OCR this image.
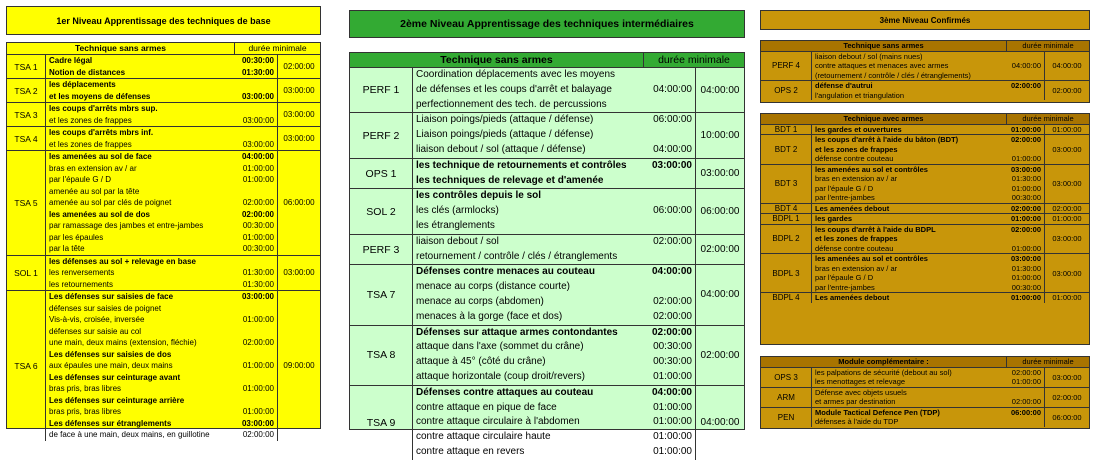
1er Niveau Apprentissage des techniques de base
Technique sans armes	durée minimale
TSA 1
Cadre légal	00:30:00
Notion de distances	01:30:00
02:00:00
TSA 2
les déplacements
et les moyens de défenses	03:00:00
03:00:00
TSA 3
les coups d'arrêts mbrs sup.
et les zones de frappes	03:00:00
03:00:00
TSA 4
les coups d'arrêts mbrs inf.
et les zones de frappes	03:00:00
03:00:00
TSA 5
les amenées au sol de face	04:00:00
bras en extension av / ar	01:00:00
par l'épaule G / D	01:00:00
amenée au sol par la tête
amenée au sol par clés de poignet	02:00:00
les amenées au sol de dos	02:00:00
par ramassage des jambes et entre-jambes	00:30:00
par les épaules	01:00:00
par la tête	00:30:00
06:00:00
SOL 1
les défenses au sol + relevage en base
les renversements	01:30:00
les retournements	01:30:00
03:00:00
TSA 6
Les défenses sur saisies de face	03:00:00
défenses sur saisies de poignet
Vis-à-vis, croisée, inversée	01:00:00
défenses sur saisie au col
une main, deux mains (extension, fléchie)	02:00:00
Les défenses sur saisies de dos
aux épaules une main, deux mains	01:00:00
Les défenses sur ceinturage avant
bras pris, bras libres	01:00:00
Les défenses sur ceinturage arrière
bras pris, bras libres	01:00:00
Les défenses sur étranglements	03:00:00
de face à une main, deux mains, en guillotine	02:00:00
09:00:00
2ème Niveau Apprentissage des techniques intermédiaires
Technique sans armes	durée minimale
PERF 1
Coordination déplacements avec les moyens
de défenses et les coups d'arrêt et balayage	04:00:00
perfectionnement des tech. de percussions
04:00:00
PERF 2
Liaison poings/pieds (attaque / défense)	06:00:00
Liaison poings/pieds (attaque / défense)
liaison debout / sol (attaque / défense)	04:00:00
10:00:00
OPS 1
les technique de retournements et contrôles	03:00:00
les techniques de relevage et d'amenée
03:00:00
SOL 2
les contrôles depuis le sol
les clés (armlocks)	06:00:00
les étranglements
06:00:00
PERF 3
liaison debout / sol	02:00:00
retournement / contrôle / clés / étranglements
02:00:00
TSA 7
Défenses contre menaces au couteau	04:00:00
menace au corps (distance courte)
menace au corps (abdomen)	02:00:00
menaces à la gorge (face et dos)	02:00:00
04:00:00
TSA 8
Défenses sur attaque armes contondantes	02:00:00
attaque dans l'axe (sommet du crâne)	00:30:00
attaque à 45° (côté du crâne)	00:30:00
attaque horizontale (coup droit/revers)	01:00:00
02:00:00
TSA 9
Défenses contre attaques au couteau	04:00:00
contre attaque en pique de face	01:00:00
contre attaque circulaire à l'abdomen	01:00:00
contre attaque circulaire haute	01:00:00
contre attaque en revers	01:00:00
04:00:00
3ème Niveau Confirmés
Technique sans armes	durée minimale
PERF 4
liaison debout / sol (mains nues)
contre attaques et menaces avec armes	04:00:00
(retournement / contrôle / clés / étranglements)
04:00:00
OPS 2
défense d'autrui	02:00:00
l'angulation et triangulation	02:00:00
Technique avec armes	durée minimale
BDT 1	les gardes et ouvertures	01:00:00	01:00:00
BDT 2
les coups d'arrêt à l'aide du bâton (BDT)	02:00:00
et les zones de frappes
défense contre couteau	01:00:00
03:00:00
BDT 3
les amenées au sol et contrôles	03:00:00
bras en extension av / ar	01:30:00
par l'épaule G / D	01:00:00
par l'entre-jambes	00:30:00
03:00:00
BDT 4	Les amenées debout	02:00:00	02:00:00
BDPL 1	les gardes	01:00:00	01:00:00
BDPL 2
les coups d'arrêt à l'aide du BDPL	02:00:00
et les zones de frappes
défense contre couteau	01:00:00
03:00:00
BDPL 3
les amenées au sol et contrôles	03:00:00
bras en extension av / ar	01:30:00
par l'épaule G / D	01:00:00
par l'entre-jambes	00:30:00
03:00:00
BDPL 4	Les amenées debout	01:00:00	01:00:00
Module complémentaire :	durée minimale
OPS 3
les palpations de sécurité (debout au sol)	02:00:00
les menottages et relevage	01:00:00	03:00:00
ARM
Défense avec objets usuels
et armes par destination	02:00:00	02:00:00
PEN
Module Tactical Defence Pen (TDP)	06:00:00
défenses à l'aide du TDP	06:00:00
